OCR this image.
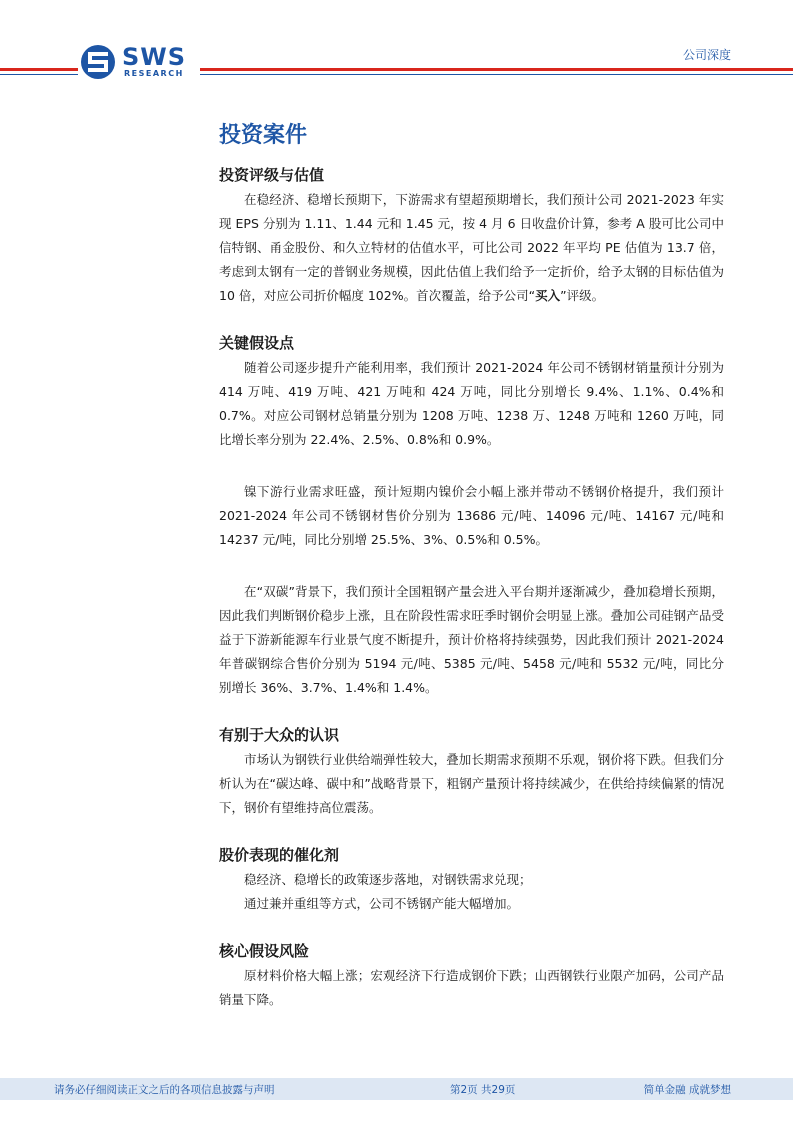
SWS
RESEARCH
公司深度
投资案件
投资评级与估值

在稳经济、稳增长预期下，下游需求有望超预期增长，我们预计公司 2021-2023 年实现 EPS 分别为 1.11、1.44 元和 1.45 元，按 4 月 6 日收盘价计算，参考 A 股可比公司中信特钢、甬金股份、和久立特材的估值水平，可比公司 2022 年平均 PE 估值为 13.7 倍，考虑到太钢有一定的普钢业务规模，因此估值上我们给予一定折价，给予太钢的目标估值为 10 倍，对应公司折价幅度 102%。首次覆盖，给予公司“买入”评级。

关键假设点

随着公司逐步提升产能利用率，我们预计 2021-2024 年公司不锈钢材销量预计分别为 414 万吨、419 万吨、421 万吨和 424 万吨，同比分别增长 9.4%、1.1%、0.4%和 0.7%。对应公司钢材总销量分别为 1208 万吨、1238 万、1248 万吨和 1260 万吨，同比增长率分别为 22.4%、2.5%、0.8%和 0.9%。

镍下游行业需求旺盛，预计短期内镍价会小幅上涨并带动不锈钢价格提升，我们预计 2021-2024 年公司不锈钢材售价分别为 13686 元/吨、14096 元/吨、14167 元/吨和 14237 元/吨，同比分别增 25.5%、3%、0.5%和 0.5%。

在“双碳”背景下，我们预计全国粗钢产量会进入平台期并逐渐减少，叠加稳增长预期，因此我们判断钢价稳步上涨，且在阶段性需求旺季时钢价会明显上涨。叠加公司硅钢产品受益于下游新能源车行业景气度不断提升，预计价格将持续强势，因此我们预计 2021-2024 年普碳钢综合售价分别为 5194 元/吨、5385 元/吨、5458 元/吨和 5532 元/吨，同比分别增长 36%、3.7%、1.4%和 1.4%。

有别于大众的认识

市场认为钢铁行业供给端弹性较大，叠加长期需求预期不乐观，钢价将下跌。但我们分析认为在“碳达峰、碳中和”战略背景下，粗钢产量预计将持续减少，在供给持续偏紧的情况下，钢价有望维持高位震荡。

股价表现的催化剂

稳经济、稳增长的政策逐步落地，对钢铁需求兑现；

通过兼并重组等方式，公司不锈钢产能大幅增加。

核心假设风险

原材料价格大幅上涨；宏观经济下行造成钢价下跌；山西钢铁行业限产加码，公司产品销量下降。

请务必仔细阅读正文之后的各项信息披露与声明	第2页 共29页	简单金融 成就梦想
